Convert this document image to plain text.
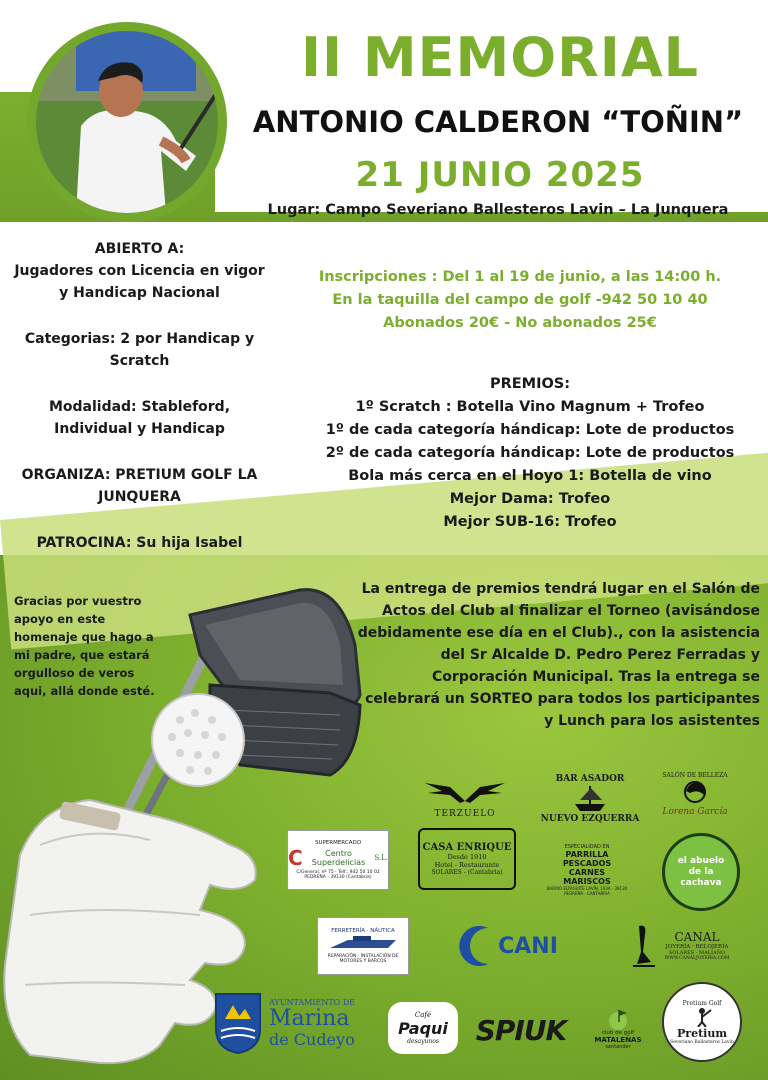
II MEMORIAL
ANTONIO CALDERON “TOÑIN”
21 JUNIO 2025
Lugar: Campo Severiano Ballesteros Lavin – La Junquera

ABIERTO A:
Jugadores con Licencia en vigor y Handicap Nacional

Categorias: 2 por Handicap y Scratch

Modalidad: Stableford, Individual y Handicap

ORGANIZA: PRETIUM GOLF LA JUNQUERA

PATROCINA: Su hija Isabel

Inscripciones : Del 1 al 19 de junio, a las 14:00 h.
En la taquilla del campo de golf -942 50 10 40
Abonados 20€ - No abonados 25€
PREMIOS:
1º Scratch : Botella Vino Magnum + Trofeo
1º de cada categoría hándicap: Lote de productos
2º de cada categoría hándicap: Lote de productos
Bola más cerca en el Hoyo 1: Botella de vino
Mejor Dama: Trofeo
Mejor SUB-16: Trofeo
Gracias por vuestro apoyo en este homenaje que hago a mi padre, que estará orgulloso de veros aqui, allá donde esté.
La entrega de premios tendrá lugar en el Salón de Actos del Club al finalizar el Torneo (avisándose debidamente ese día en el Club)., con la asistencia del Sr Alcalde D. Pedro Perez Ferradas y Corporación Municipal. Tras la entrega se celebrará un SORTEO para todos los participantes y Lunch para los asistentes
TERZUELO
BAR ASADOR
NUEVO EZQUERRA
SALÓN DE BELLEZA
Lorena García
SUPERMERCADO
C	Centro Superdelicias	S.L.
C/General, nº 75 · Telf.: 942 50 10 02
PEDREÑA - 39130 (Cantabria)
CASA ENRIQUE
Desde 1910
Hotel - Restaurante
SOLARES - (Cantabria)
ESPECIALIDAD EN
PARRILLA
PESCADOS
CARNES
MARISCOS
BARRIO EIZAGUITE LAVÍN, 103A · 39130 PEDREÑA · CANTABRIA
el abuelo de la cachava
FERRETERÍA · NÁUTICA
REPARACIÓN · INSTALACIÓN DE MOTORES Y BARCOS
CANI	CANAL
JOYERÍA · RELOJERÍA
SOLARES · MALIAÑO
WWW.CANALJOYERIA.COM
AYUNTAMIENTO DE
Marina
de Cudeyo
Café
Paqui
desayunos SPIUK	club de golf
MATALEÑAS
santander
Pretium Golf
Pretium
Severiano Ballesteros Lavín
